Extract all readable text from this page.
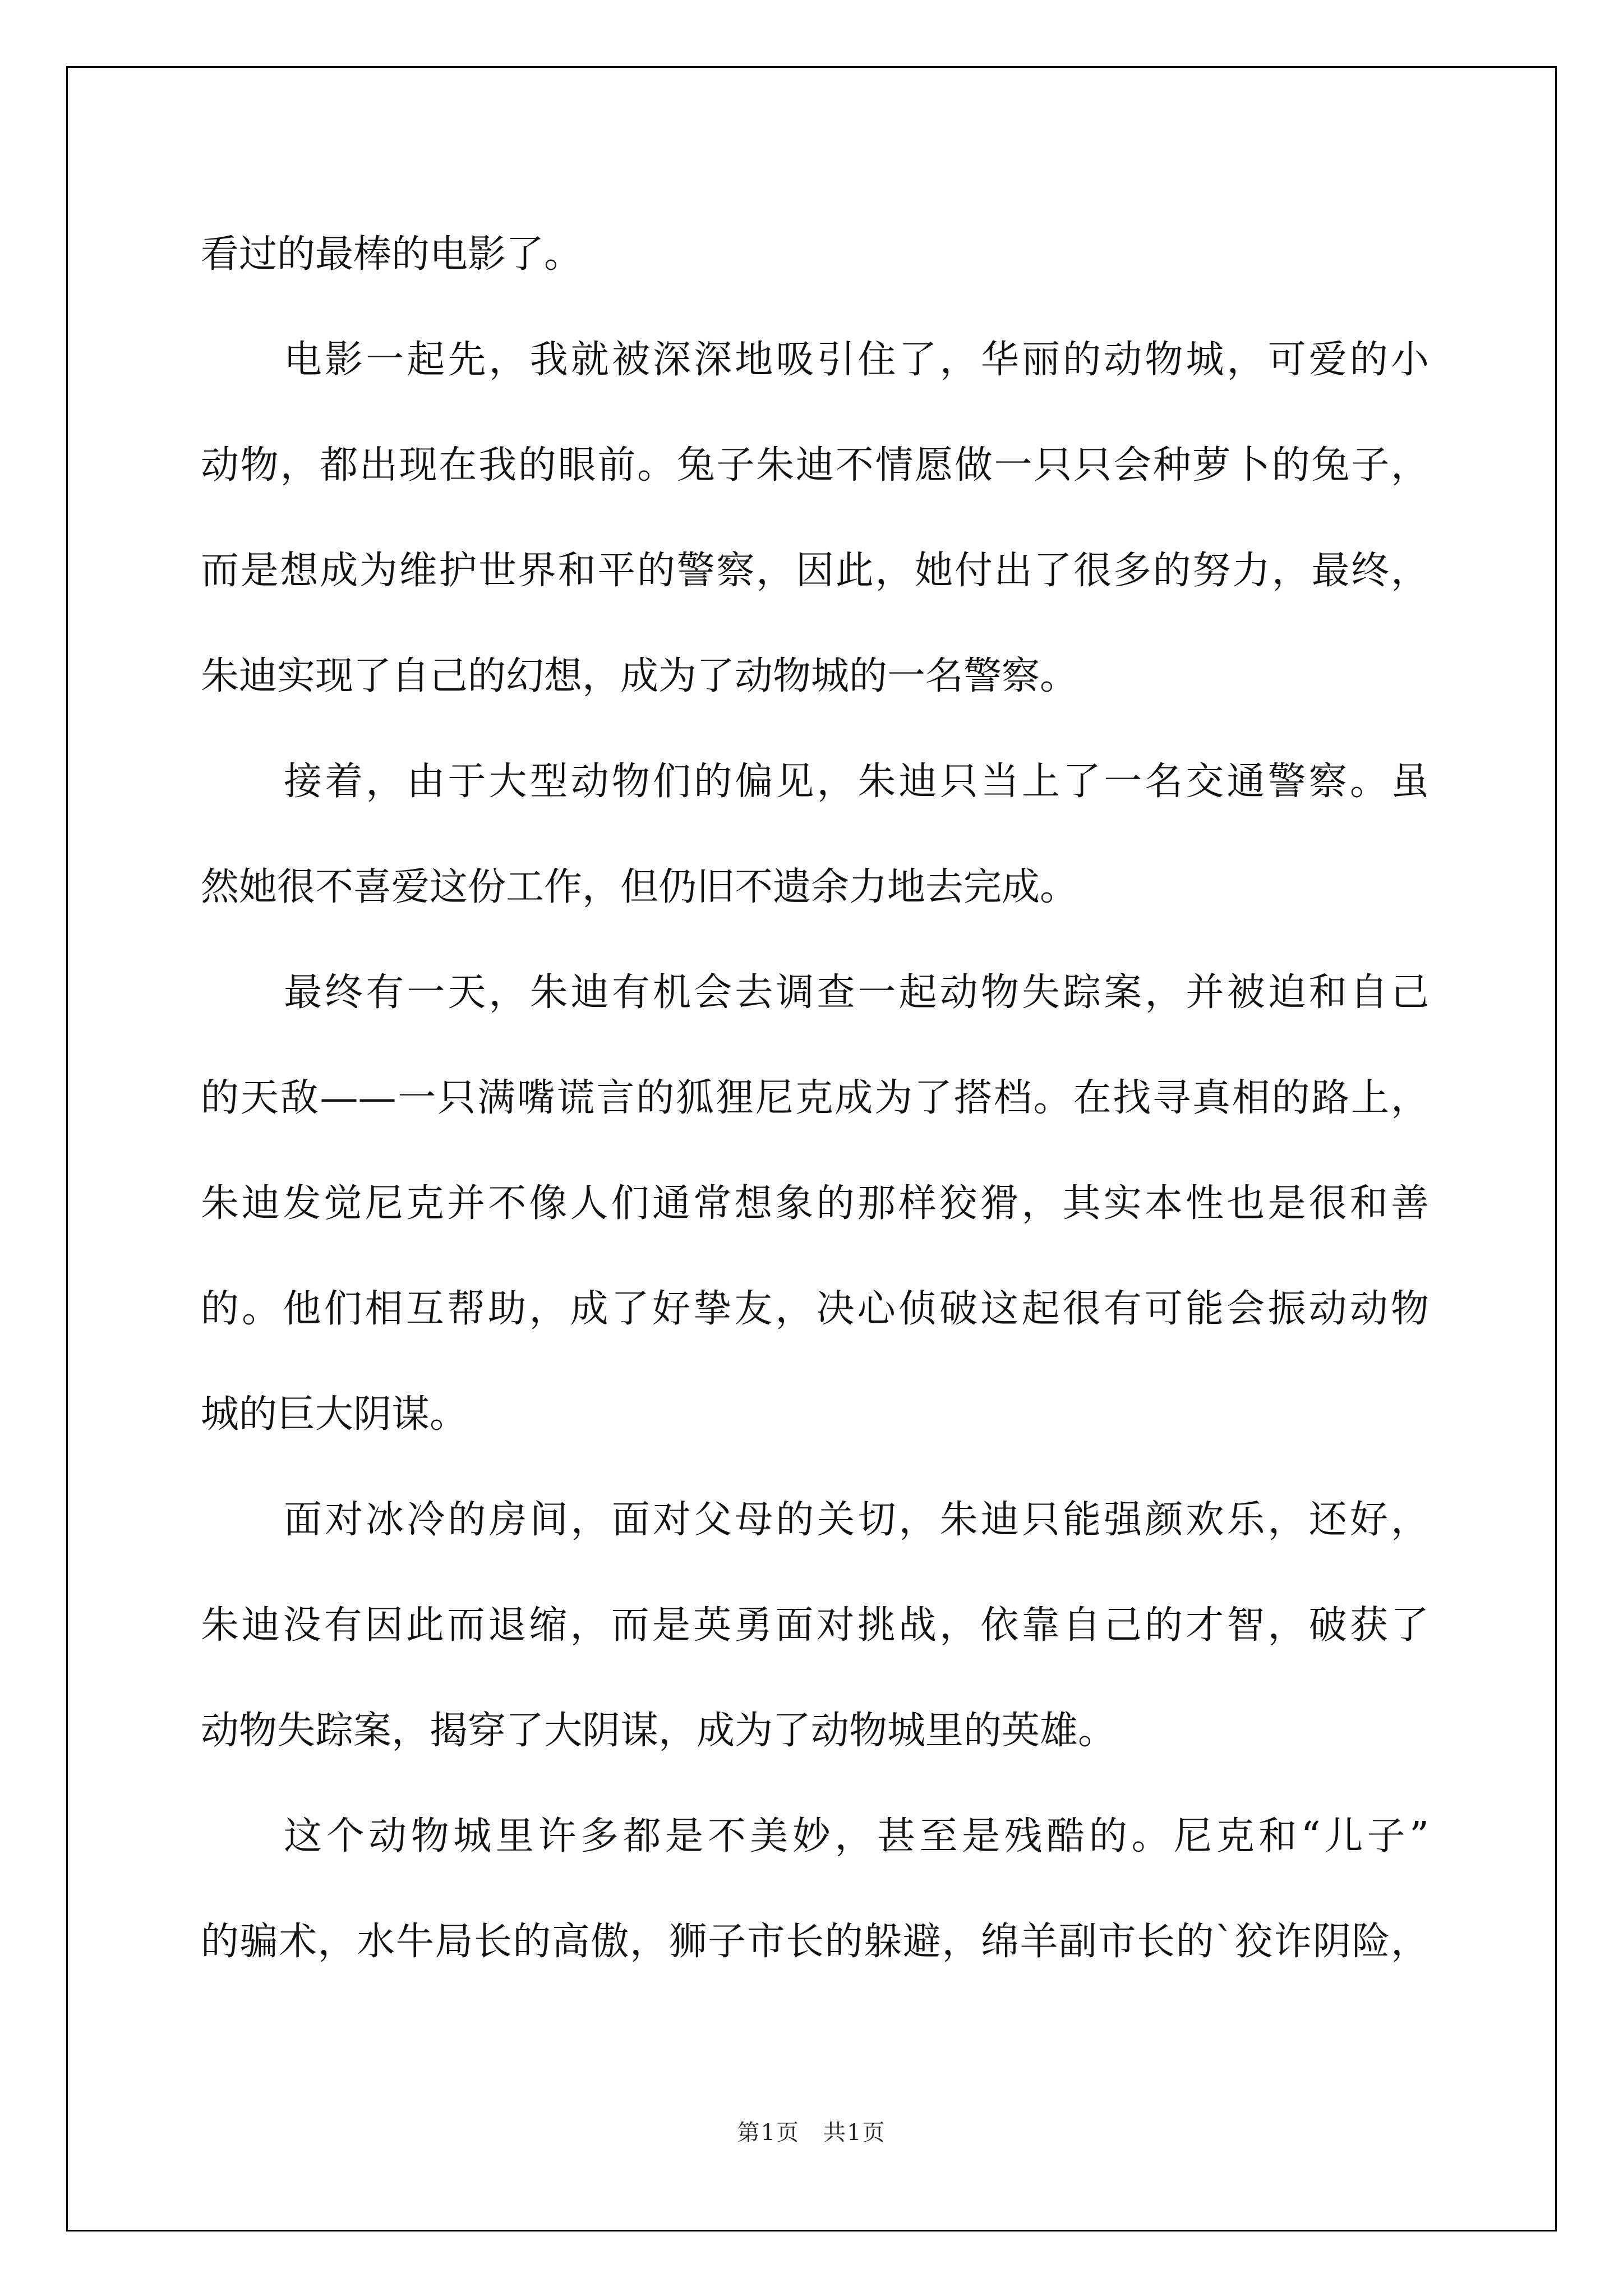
看过的最棒的电影了。
电影一起先，我就被深深地吸引住了，华丽的动物城，可爱的小
动物，都出现在我的眼前。兔子朱迪不情愿做一只只会种萝卜的兔子，
而是想成为维护世界和平的警察，因此，她付出了很多的努力，最终，
朱迪实现了自己的幻想，成为了动物城的一名警察。
接着，由于大型动物们的偏见，朱迪只当上了一名交通警察。虽
然她很不喜爱这份工作，但仍旧不遗余力地去完成。
最终有一天，朱迪有机会去调查一起动物失踪案，并被迫和自己
的天敌——一只满嘴谎言的狐狸尼克成为了搭档。在找寻真相的路上，
朱迪发觉尼克并不像人们通常想象的那样狡猾，其实本性也是很和善
的。他们相互帮助，成了好挚友，决心侦破这起很有可能会振动动物
城的巨大阴谋。
面对冰冷的房间，面对父母的关切，朱迪只能强颜欢乐，还好，
朱迪没有因此而退缩，而是英勇面对挑战，依靠自己的才智，破获了
动物失踪案，揭穿了大阴谋，成为了动物城里的英雄。
这个动物城里许多都是不美妙，甚至是残酷的。尼克和“儿子”
的骗术，水牛局长的高傲，狮子市长的躲避，绵羊副市长的`狡诈阴险，
第1页　共1页
